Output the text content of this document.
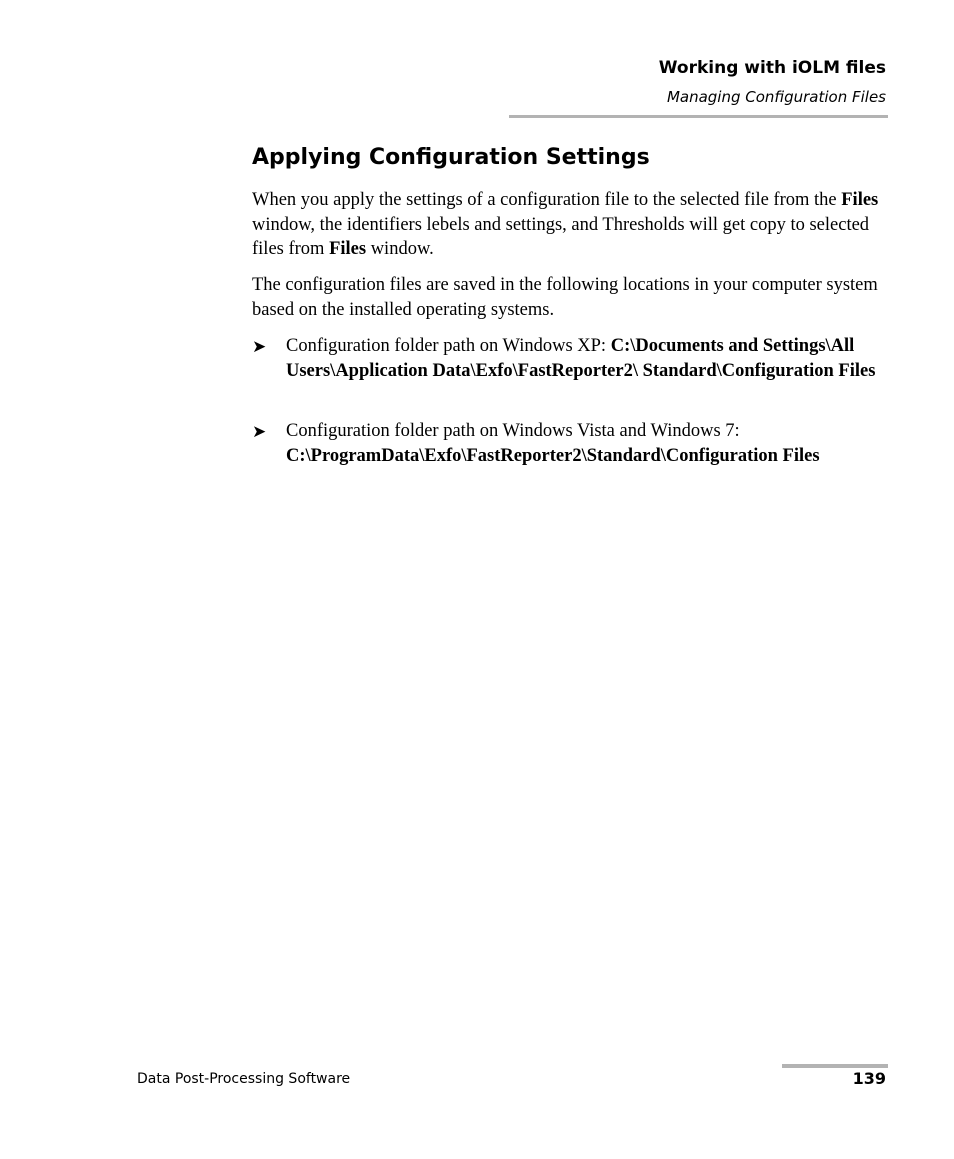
Working with iOLM files
Managing Configuration Files
Applying Configuration Settings

When you apply the settings of a configuration file to the selected file from the Files window, the identifiers lebels and settings, and Thresholds will get copy to selected files from Files window.

The configuration files are saved in the following locations in your computer system based on the installed operating systems.

➤	Configuration folder path on Windows XP: C:\Documents and Settings\All Users\Application Data\Exfo\FastReporter2\ Standard\Configuration Files
➤	Configuration folder path on Windows Vista and Windows 7: C:\ProgramData\Exfo\FastReporter2\Standard\Configuration Files
Data Post-Processing Software	139
